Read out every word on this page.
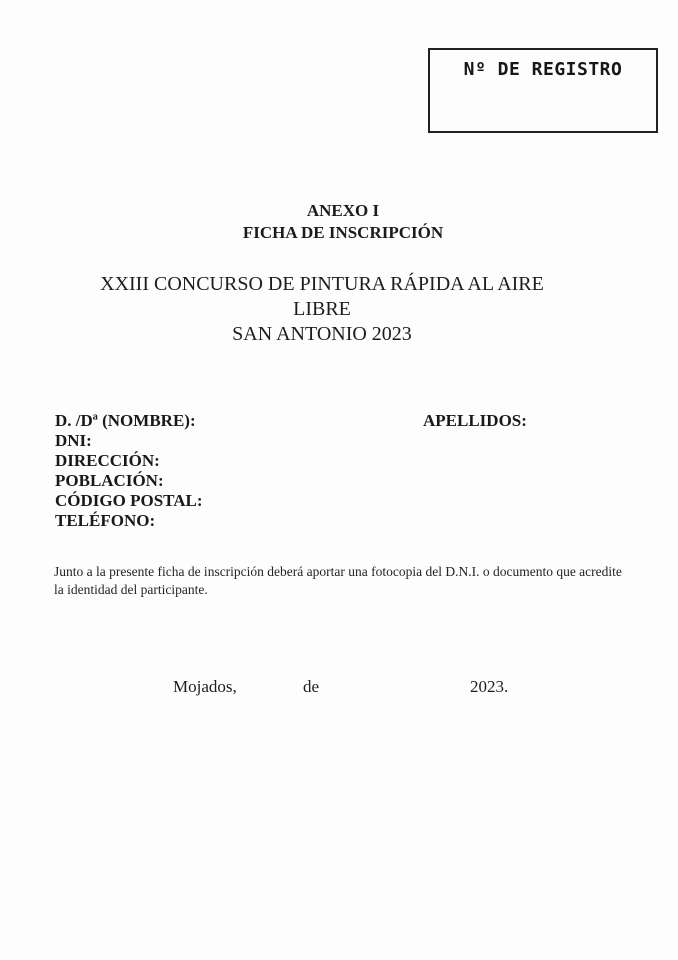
Nº DE REGISTRO
ANEXO I
FICHA DE INSCRIPCIÓN
XXIII CONCURSO DE PINTURA RÁPIDA AL AIRE
LIBRE
SAN ANTONIO 2023
D. /Dª (NOMBRE):	APELLIDOS:
DNI:
DIRECCIÓN:
POBLACIÓN:
CÓDIGO POSTAL:
TELÉFONO:
Junto a la presente ficha de inscripción deberá aportar una fotocopia del D.N.I. o documento que acredite
la identidad del participante.
Mojados,	de	2023.
